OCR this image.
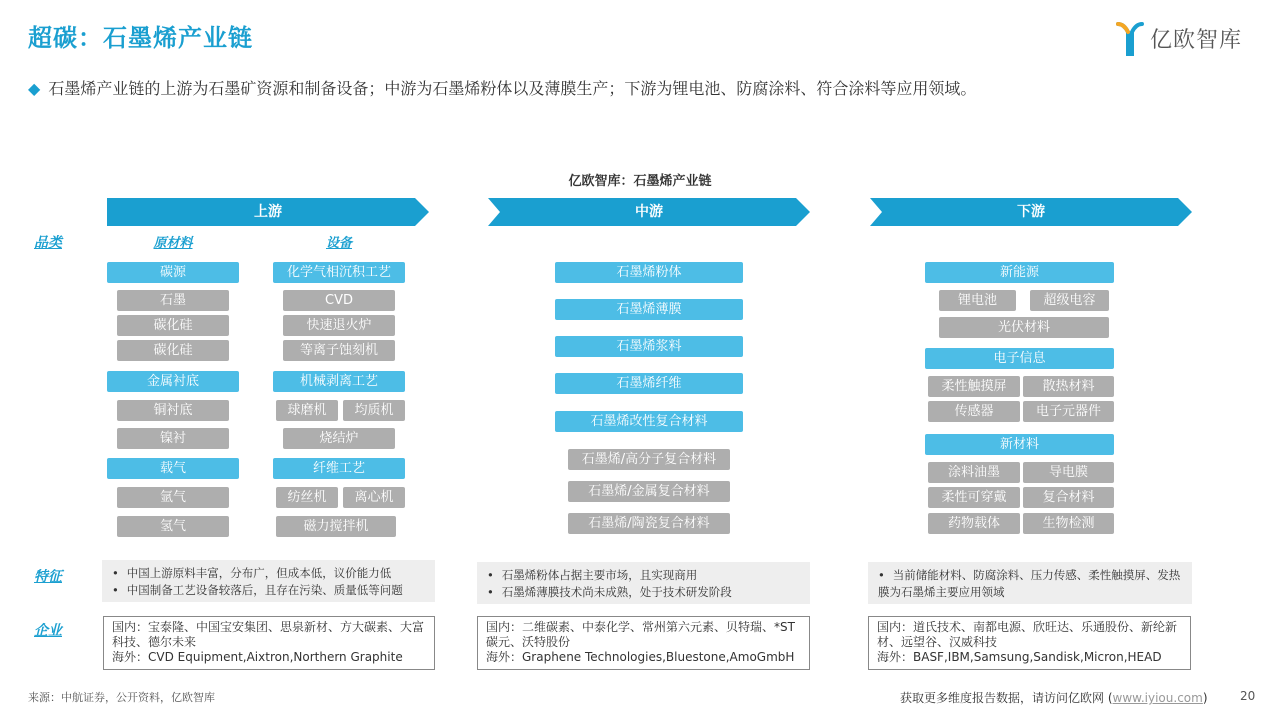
超碳：石墨烯产业链	亿欧智库
◆ 石墨烯产业链的上游为石墨矿资源和制备设备；中游为石墨烯粉体以及薄膜生产；下游为锂电池、防腐涂料、符合涂料等应用领域。
亿欧智库：石墨烯产业链
上游	中游	下游
品类
特征
企业
原材料	设备
碳源
石墨
碳化硅
碳化硅
金属衬底
铜衬底
镍衬
载气
氩气
氢气
化学气相沉积工艺
CVD
快速退火炉
等离子蚀刻机
机械剥离工艺
球磨机	均质机
烧结炉
纤维工艺
纺丝机	离心机
磁力搅拌机
石墨烯粉体
石墨烯薄膜
石墨烯浆料
石墨烯纤维
石墨烯改性复合材料
石墨烯/高分子复合材料
石墨烯/金属复合材料
石墨烯/陶瓷复合材料
新能源
锂电池	超级电容
光伏材料
电子信息
柔性触摸屏	散热材料
传感器	电子元器件
新材料
涂料油墨	导电膜
柔性可穿戴	复合材料
药物载体	生物检测
• 中国上游原料丰富，分布广，但成本低，议价能力低
• 中国制备工艺设备较落后，且存在污染、质量低等问题
• 石墨烯粉体占据主要市场，且实现商用
• 石墨烯薄膜技术尚未成熟，处于技术研发阶段
• 当前储能材料、防腐涂料、压力传感、柔性触摸屏、发热膜为石墨烯主要应用领域
国内：宝泰隆、中国宝安集团、思泉新材、方大碳素、大富科技、德尔未来
海外：CVD Equipment,Aixtron,Northern Graphite
国内：二维碳素、中泰化学、常州第六元素、贝特瑞、*ST碳元、沃特股份
海外：Graphene Technologies,Bluestone,AmoGmbH
国内：道氏技术、南都电源、欣旺达、乐通股份、新纶新材、远望谷、汉威科技
海外：BASF,IBM,Samsung,Sandisk,Micron,HEAD
来源：中航证券，公开资料，亿欧智库	获取更多维度报告数据，请访问亿欧网 (www.iyiou.com)	20
